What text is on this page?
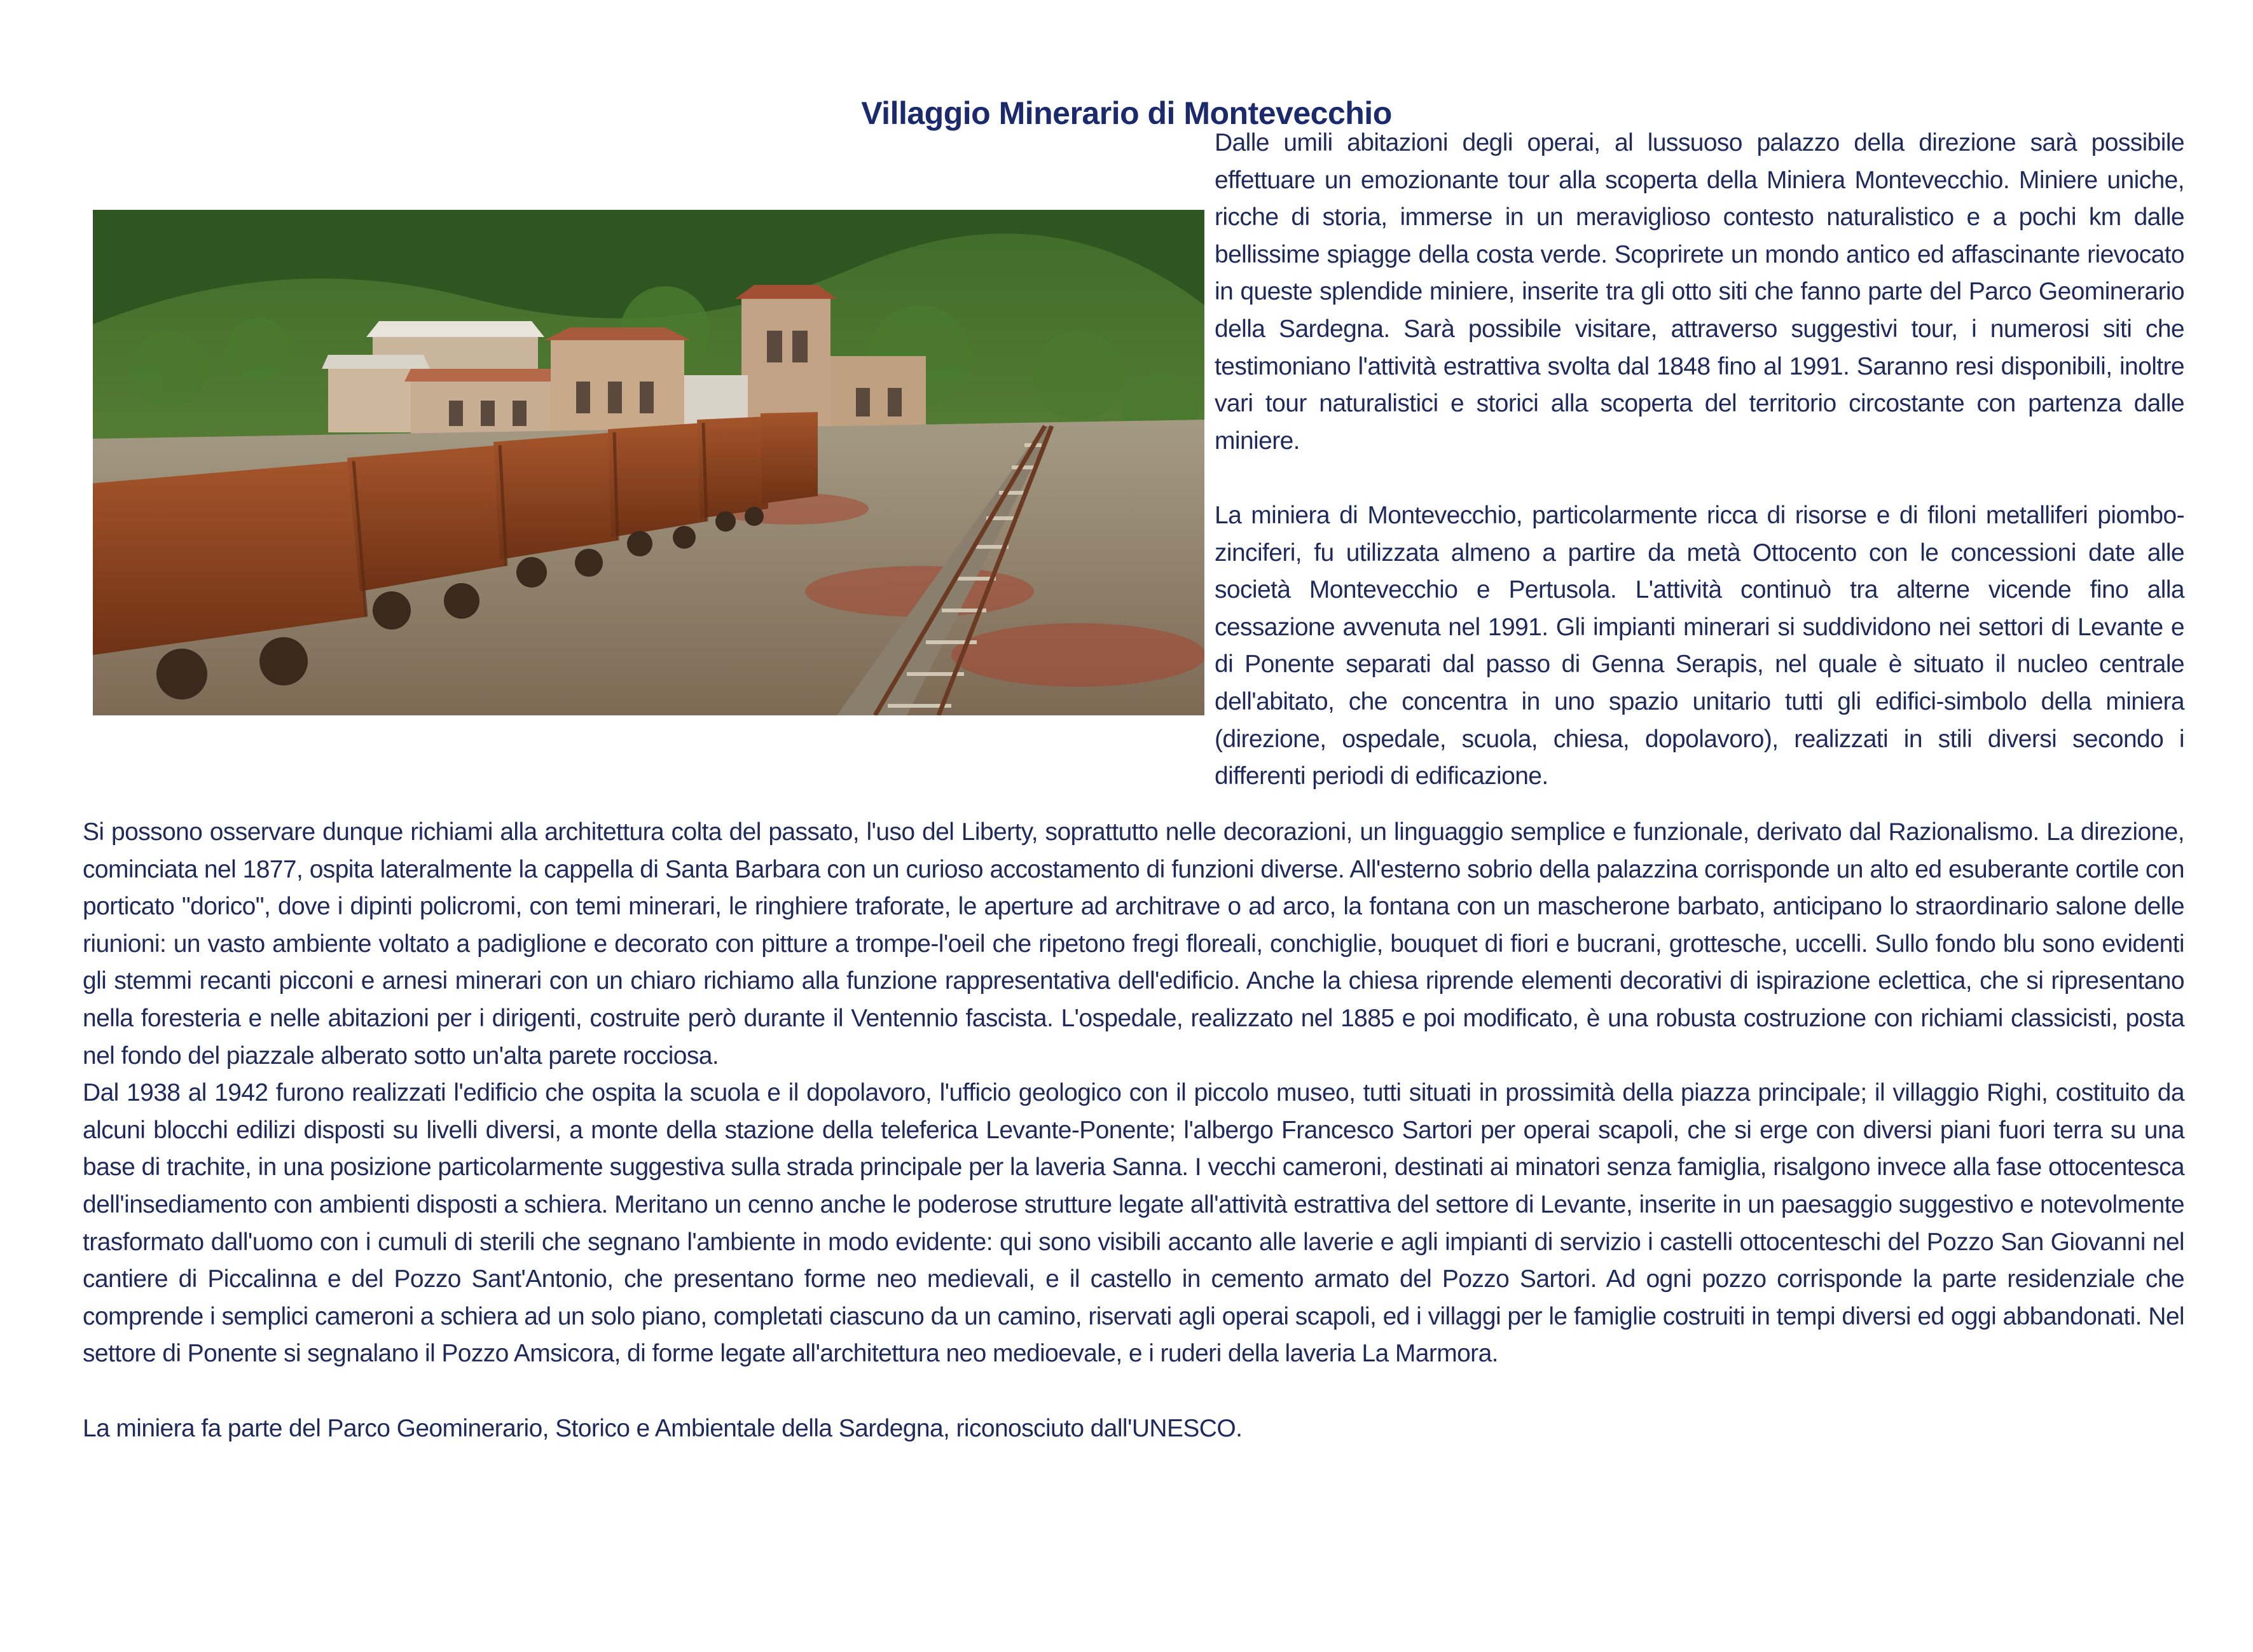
Villaggio Minerario di Montevecchio

Dalle umili abitazioni degli operai, al lussuoso palazzo della direzione sarà possibile effettuare un emozionante tour alla scoperta della Miniera Montevecchio. Miniere uniche, ricche di storia, immerse in un meraviglioso contesto naturalistico e a pochi km dalle bellissime spiagge della costa verde. Scoprirete un mondo antico ed affascinante rievocato in queste splendide miniere, inserite tra gli otto siti che fanno parte del Parco Geominerario della Sardegna. Sarà possibile visitare, attraverso suggestivi tour, i numerosi siti che testimoniano l'attività estrattiva svolta dal 1848 fino al 1991. Saranno resi disponibili, inoltre vari tour naturalistici e storici alla scoperta del territorio circostante con partenza dalle miniere.

La miniera di Montevecchio, particolarmente ricca di risorse e di filoni metalliferi piombo-zinciferi, fu utilizzata almeno a partire da metà Ottocento con le concessioni date alle società Montevecchio e Pertusola. L'attività continuò tra alterne vicende fino alla cessazione avvenuta nel 1991. Gli impianti minerari si suddividono nei settori di Levante e di Ponente separati dal passo di Genna Serapis, nel quale è situato il nucleo centrale dell'abitato, che concentra in uno spazio unitario tutti gli edifici-simbolo della miniera (direzione, ospedale, scuola, chiesa, dopolavoro), realizzati in stili diversi secondo i differenti periodi di edificazione.

Si possono osservare dunque richiami alla architettura colta del passato, l'uso del Liberty, soprattutto nelle decorazioni, un linguaggio semplice e funzionale, derivato dal Razionalismo. La direzione, cominciata nel 1877, ospita lateralmente la cappella di Santa Barbara con un curioso accostamento di funzioni diverse. All'esterno sobrio della palazzina corrisponde un alto ed esuberante cortile con porticato "dorico", dove i dipinti policromi, con temi minerari, le ringhiere traforate, le aperture ad architrave o ad arco, la fontana con un mascherone barbato, anticipano lo straordinario salone delle riunioni: un vasto ambiente voltato a padiglione e decorato con pitture a trompe-l'oeil che ripetono fregi floreali, conchiglie, bouquet di fiori e bucrani, grottesche, uccelli. Sullo fondo blu sono evidenti gli stemmi recanti picconi e arnesi minerari con un chiaro richiamo alla funzione rappresentativa dell'edificio. Anche la chiesa riprende elementi decorativi di ispirazione eclettica, che si ripresentano nella foresteria e nelle abitazioni per i dirigenti, costruite però durante il Ventennio fascista. L'ospedale, realizzato nel 1885 e poi modificato, è una robusta costruzione con richiami classicisti, posta nel fondo del piazzale alberato sotto un'alta parete rocciosa.

Dal 1938 al 1942 furono realizzati l'edificio che ospita la scuola e il dopolavoro, l'ufficio geologico con il piccolo museo, tutti situati in prossimità della piazza principale; il villaggio Righi, costituito da alcuni blocchi edilizi disposti su livelli diversi, a monte della stazione della teleferica Levante-Ponente; l'albergo Francesco Sartori per operai scapoli, che si erge con diversi piani fuori terra su una base di trachite, in una posizione particolarmente suggestiva sulla strada principale per la laveria Sanna. I vecchi cameroni, destinati ai minatori senza famiglia, risalgono invece alla fase ottocentesca dell'insediamento con ambienti disposti a schiera. Meritano un cenno anche le poderose strutture legate all'attività estrattiva del settore di Levante, inserite in un paesaggio suggestivo e notevolmente trasformato dall'uomo con i cumuli di sterili che segnano l'ambiente in modo evidente: qui sono visibili accanto alle laverie e agli impianti di servizio i castelli ottocenteschi del Pozzo San Giovanni nel cantiere di Piccalinna e del Pozzo Sant'Antonio, che presentano forme neo medievali, e il castello in cemento armato del Pozzo Sartori. Ad ogni pozzo corrisponde la parte residenziale che comprende i semplici cameroni a schiera ad un solo piano, completati ciascuno da un camino, riservati agli operai scapoli, ed i villaggi per le famiglie costruiti in tempi diversi ed oggi abbandonati. Nel settore di Ponente si segnalano il Pozzo Amsicora, di forme legate all'architettura neo medioevale, e i ruderi della laveria La Marmora.

La miniera fa parte del Parco Geominerario, Storico e Ambientale della Sardegna, riconosciuto dall'UNESCO.
